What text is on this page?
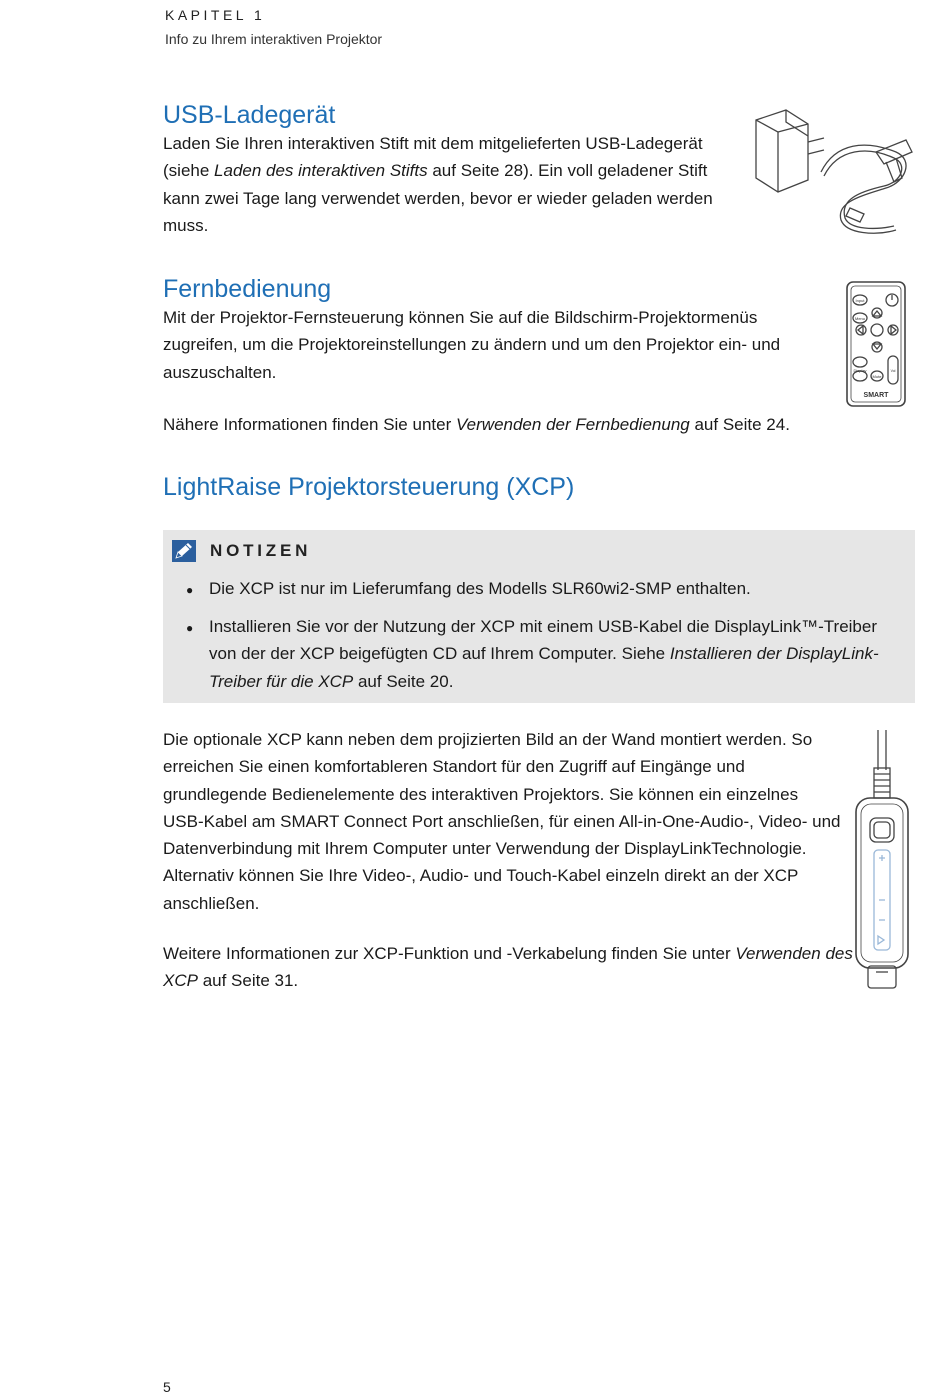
KAPITEL 1
Info zu Ihrem interaktiven Projektor
USB-Ladegerät

Laden Sie Ihren interaktiven Stift mit dem mitgelieferten USB-Ladegerät (siehe Laden des interaktiven Stifts auf Seite 28). Ein voll geladener Stift kann zwei Tage lang verwendet werden, bevor er wieder geladen werden muss.

Fernbedienung

Mit der Projektor-Fernsteuerung können Sie auf die Bildschirm-Projektormenüs zugreifen, um die Projektoreinstellungen zu ändern und um den Projektor ein- und auszuschalten.

Nähere Informationen finden Sie unter Verwenden der Fernbedienung auf Seite 24.

Input
Menu
Display
Mute
Vol
SMART
LightRaise Projektorsteuerung (XCP)
NOTIZEN
● Die XCP ist nur im Lieferumfang des Modells SLR60wi2-SMP enthalten.
● Installieren Sie vor der Nutzung der XCP mit einem USB-Kabel die DisplayLink™-Treiber von der der XCP beigefügten CD auf Ihrem Computer. Siehe Installieren der DisplayLink-Treiber für die XCP auf Seite 20.

Die optionale XCP kann neben dem projizierten Bild an der Wand montiert werden. So erreichen Sie einen komfortableren Standort für den Zugriff auf Eingänge und grundlegende Bedienelemente des interaktiven Projektors. Sie können ein einzelnes USB-Kabel am SMART Connect Port anschließen, für einen All-in-One-Audio-, Video- und Datenverbindung mit Ihrem Computer unter Verwendung der DisplayLinkTechnologie. Alternativ können Sie Ihre Video-, Audio- und Touch-Kabel einzeln direkt an der XCP anschließen.

Weitere Informationen zur XCP-Funktion und -Verkabelung finden Sie unter Verwenden des XCP auf Seite 31.

5
